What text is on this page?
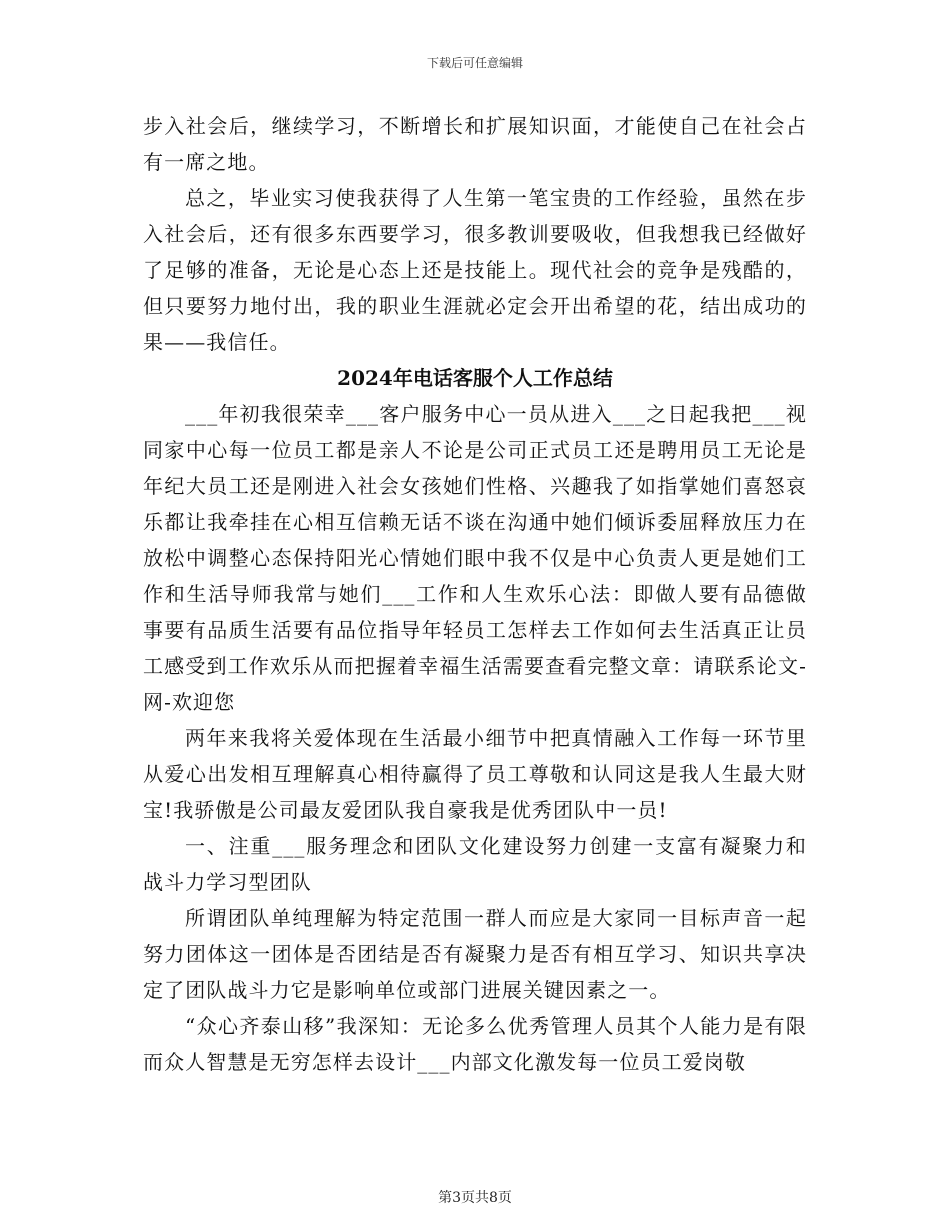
下载后可任意编辑

步入社会后，继续学习，不断增长和扩展知识面，才能使自己在社会占有一席之地。

总之，毕业实习使我获得了人生第一笔宝贵的工作经验，虽然在步入社会后，还有很多东西要学习，很多教训要吸收，但我想我已经做好了足够的准备，无论是心态上还是技能上。现代社会的竞争是残酷的，但只要努力地付出，我的职业生涯就必定会开出希望的花，结出成功的果——我信任。

2024年电话客服个人工作总结

___年初我很荣幸___客户服务中心一员从进入___之日起我把___视同家中心每一位员工都是亲人不论是公司正式员工还是聘用员工无论是年纪大员工还是刚进入社会女孩她们性格、兴趣我了如指掌她们喜怒哀乐都让我牵挂在心相互信赖无话不谈在沟通中她们倾诉委屈释放压力在放松中调整心态保持阳光心情她们眼中我不仅是中心负责人更是她们工作和生活导师我常与她们___工作和人生欢乐心法：即做人要有品德做事要有品质生活要有品位指导年轻员工怎样去工作如何去生活真正让员工感受到工作欢乐从而把握着幸福生活需要查看完整文章：请联系论文-网-欢迎您

两年来我将关爱体现在生活最小细节中把真情融入工作每一环节里从爱心出发相互理解真心相待赢得了员工尊敬和认同这是我人生最大财宝!我骄傲是公司最友爱团队我自豪我是优秀团队中一员!

一、注重___服务理念和团队文化建设努力创建一支富有凝聚力和战斗力学习型团队

所谓团队单纯理解为特定范围一群人而应是大家同一目标声音一起努力团体这一团体是否团结是否有凝聚力是否有相互学习、知识共享决定了团队战斗力它是影响单位或部门进展关键因素之一。

“众心齐泰山移”我深知：无论多么优秀管理人员其个人能力是有限而众人智慧是无穷怎样去设计___内部文化激发每一位员工爱岗敬

第3页共8页
